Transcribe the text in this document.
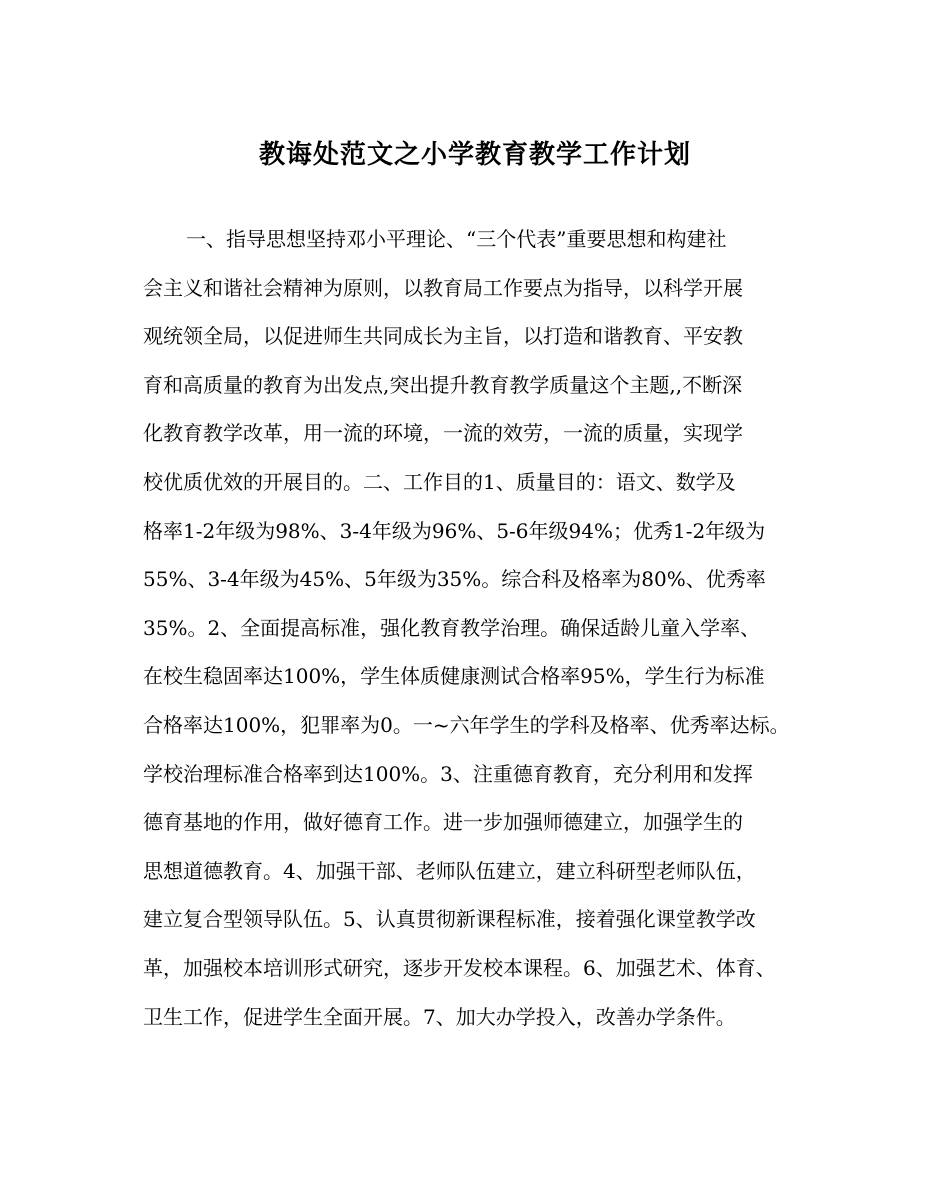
教诲处范文之小学教育教学工作计划
一、指导思想坚持邓小平理论、“三个代表”重要思想和构建社
会主义和谐社会精神为原则，以教育局工作要点为指导，以科学开展
观统领全局，以促进师生共同成长为主旨，以打造和谐教育、平安教
育和高质量的教育为出发点,突出提升教育教学质量这个主题,,不断深
化教育教学改革，用一流的环境，一流的效劳，一流的质量，实现学
校优质优效的开展目的。二、工作目的1、质量目的：语文、数学及
格率1-2年级为98%、3-4年级为96%、5-6年级94%；优秀1-2年级为
55%、3-4年级为45%、5年级为35%。综合科及格率为80%、优秀率
35%。2、全面提高标准，强化教育教学治理。确保适龄儿童入学率、
在校生稳固率达100%，学生体质健康测试合格率95%，学生行为标准
合格率达100%，犯罪率为0。一~六年学生的学科及格率、优秀率达标。
学校治理标准合格率到达100%。3、注重德育教育，充分利用和发挥
德育基地的作用，做好德育工作。进一步加强师德建立，加强学生的
思想道德教育。4、加强干部、老师队伍建立，建立科研型老师队伍，
建立复合型领导队伍。5、认真贯彻新课程标准，接着强化课堂教学改
革，加强校本培训形式研究，逐步开发校本课程。6、加强艺术、体育、
卫生工作，促进学生全面开展。7、加大办学投入，改善办学条件。
